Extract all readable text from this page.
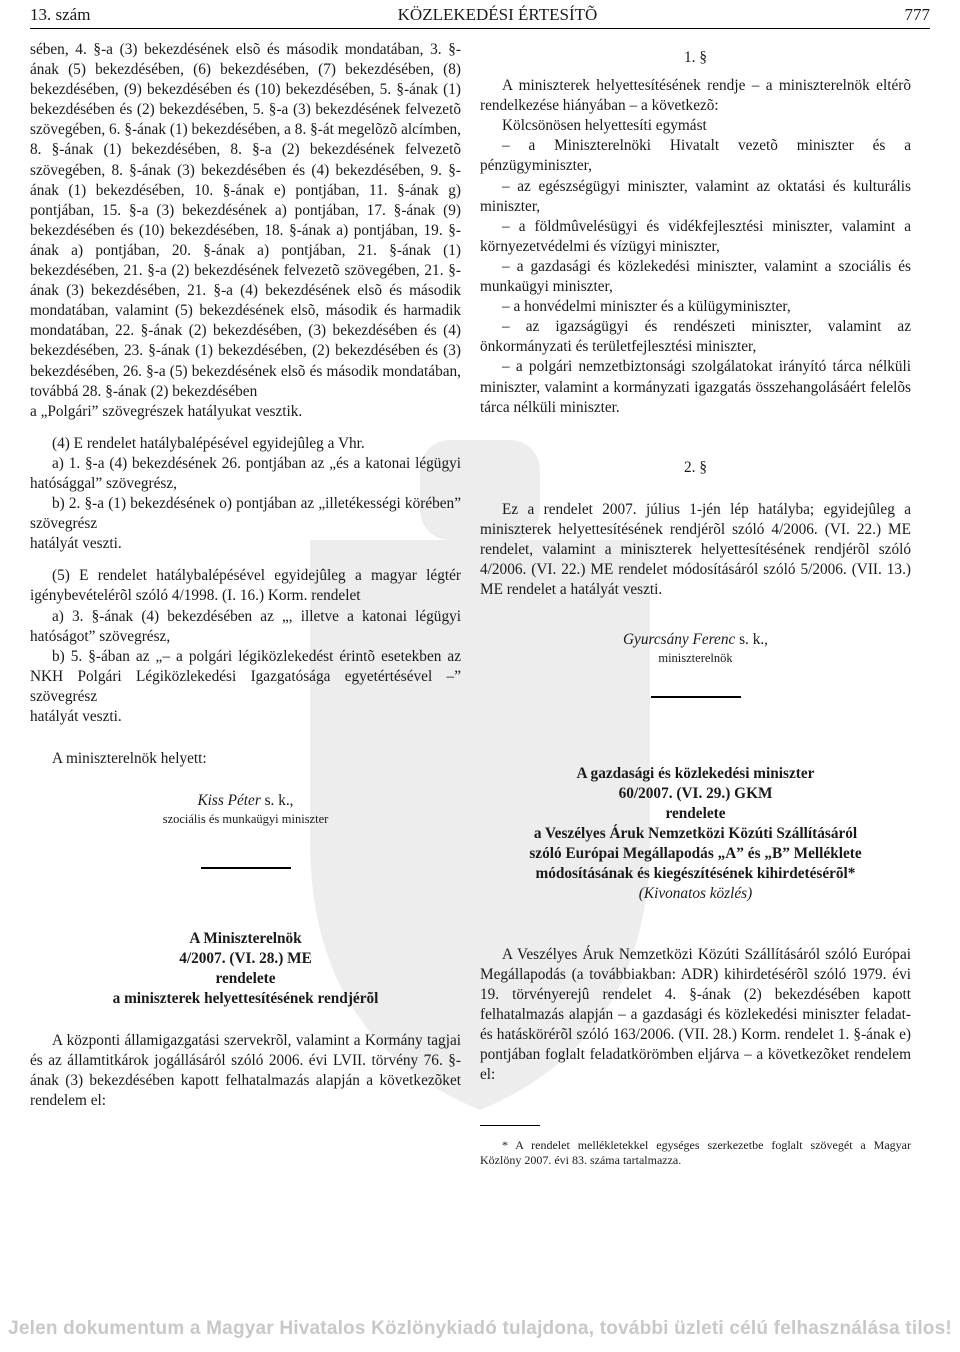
13. szám	KÖZLEKEDÉSI ÉRTESÍTÕ	777

sében, 4. §-a (3) bekezdésének elsõ és második mondatában, 3. §-ának (5) bekezdésében, (6) bekezdésében, (7) bekezdésében, (8) bekezdésében, (9) bekezdésében és (10) bekezdésében, 5. §-ának (1) bekezdésében és (2) bekezdésében, 5. §-a (3) bekezdésének felvezetõ szövegében, 6. §-ának (1) bekezdésében, a 8. §-át megelõzõ alcímben, 8. §-ának (1) bekezdésében, 8. §-a (2) bekezdésének felvezetõ szövegében, 8. §-ának (3) bekezdésében és (4) bekezdésében, 9. §-ának (1) bekezdésében, 10. §-ának e) pontjában, 11. §-ának g) pontjában, 15. §-a (3) bekezdésének a) pontjában, 17. §-ának (9) bekezdésében és (10) bekezdésében, 18. §-ának a) pontjában, 19. §-ának a) pontjában, 20. §-ának a) pontjában, 21. §-ának (1) bekezdésében, 21. §-a (2) bekezdésének felvezetõ szövegében, 21. §-ának (3) bekezdésében, 21. §-a (4) bekezdésének elsõ és második mondatában, valamint (5) bekezdésének elsõ, második és harmadik mondatában, 22. §-ának (2) bekezdésében, (3) bekezdésében és (4) bekezdésében, 23. §-ának (1) bekezdésében, (2) bekezdésében és (3) bekezdésében, 26. §-a (5) bekezdésének elsõ és második mondatában, továbbá 28. §-ának (2) bekezdésében

a „Polgári” szövegrészek hatályukat vesztik.

(4) E rendelet hatálybalépésével egyidejûleg a Vhr.

a) 1. §-a (4) bekezdésének 26. pontjában az „és a katonai légügyi hatósággal” szövegrész,

b) 2. §-a (1) bekezdésének o) pontjában az „illetékességi körében” szövegrész

hatályát veszti.

(5) E rendelet hatálybalépésével egyidejûleg a magyar légtér igénybevételérõl szóló 4/1998. (I. 16.) Korm. rendelet

a) 3. §-ának (4) bekezdésében az „, illetve a katonai légügyi hatóságot” szövegrész,

b) 5. §-ában az „– a polgári légiközlekedést érintõ esetekben az NKH Polgári Légiközlekedési Igazgatósága egyetértésével –” szövegrész

hatályát veszti.

A miniszterelnök helyett:

Kiss Péter s. k.,

szociális és munkaügyi miniszter

A Miniszterelnök

4/2007. (VI. 28.) ME

rendelete

a miniszterek helyettesítésének rendjérõl

A központi államigazgatási szervekrõl, valamint a Kormány tagjai és az államtitkárok jogállásáról szóló 2006. évi LVII. törvény 76. §-ának (3) bekezdésében kapott felhatalmazás alapján a következõket rendelem el:

1. §

A miniszterek helyettesítésének rendje – a miniszterelnök eltérõ rendelkezése hiányában – a következõ:

Kölcsönösen helyettesíti egymást

– a Miniszterelnöki Hivatalt vezetõ miniszter és a pénzügyminiszter,

– az egészségügyi miniszter, valamint az oktatási és kulturális miniszter,

– a földmûvelésügyi és vidékfejlesztési miniszter, valamint a környezetvédelmi és vízügyi miniszter,

– a gazdasági és közlekedési miniszter, valamint a szociális és munkaügyi miniszter,

– a honvédelmi miniszter és a külügyminiszter,

– az igazságügyi és rendészeti miniszter, valamint az önkormányzati és területfejlesztési miniszter,

– a polgári nemzetbiztonsági szolgálatokat irányító tárca nélküli miniszter, valamint a kormányzati igazgatás összehangolásáért felelõs tárca nélküli miniszter.

2. §

Ez a rendelet 2007. július 1-jén lép hatályba; egyidejûleg a miniszterek helyettesítésének rendjérõl szóló 4/2006. (VI. 22.) ME rendelet, valamint a miniszterek helyettesítésének rendjérõl szóló 4/2006. (VI. 22.) ME rendelet módosításáról szóló 5/2006. (VII. 13.) ME rendelet a hatályát veszti.

Gyurcsány Ferenc s. k.,

miniszterelnök

A gazdasági és közlekedési miniszter

60/2007. (VI. 29.) GKM

rendelete

a Veszélyes Áruk Nemzetközi Közúti Szállításáról

szóló Európai Megállapodás „A” és „B” Melléklete

módosításának és kiegészítésének kihirdetésérõl*

(Kivonatos közlés)

A Veszélyes Áruk Nemzetközi Közúti Szállításáról szóló Európai Megállapodás (a továbbiakban: ADR) kihirdetésérõl szóló 1979. évi 19. törvényerejû rendelet 4. §-ának (2) bekezdésében kapott felhatalmazás alapján – a gazdasági és közlekedési miniszter feladat- és hatáskörérõl szóló 163/2006. (VII. 28.) Korm. rendelet 1. §-ának e) pontjában foglalt feladatkörömben eljárva – a következõket rendelem el:

* A rendelet mellékletekkel egységes szerkezetbe foglalt szövegét a Magyar Közlöny 2007. évi 83. száma tartalmazza.

Jelen dokumentum a Magyar Hivatalos Közlönykiadó tulajdona, további üzleti célú felhasználása tilos!
